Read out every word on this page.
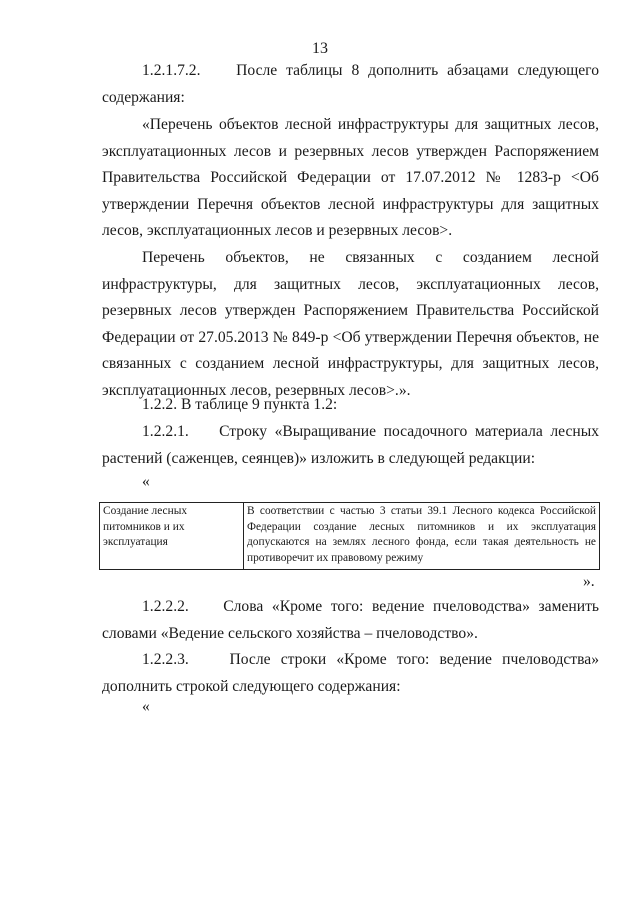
13
1.2.1.7.2.    После таблицы 8 дополнить абзацами следующего содержания:
«Перечень объектов лесной инфраструктуры для защитных лесов, эксплуатационных лесов и резервных лесов утвержден Распоряжением Правительства Российской Федерации от 17.07.2012 № 1283-р <Об утверждении Перечня объектов лесной инфраструктуры для защитных лесов, эксплуатационных лесов и резервных лесов>.
Перечень объектов, не связанных с созданием лесной инфраструктуры, для защитных лесов, эксплуатационных лесов, резервных лесов утвержден Распоряжением Правительства Российской Федерации от 27.05.2013 № 849-р <Об утверждении Перечня объектов, не связанных с созданием лесной инфраструктуры, для защитных лесов, эксплуатационных лесов, резервных лесов>.».
1.2.2. В таблице 9 пункта 1.2:
1.2.2.1.    Строку «Выращивание посадочного материала лесных растений (саженцев, сеянцев)» изложить в следующей редакции:
«
Создание лесных питомников и их эксплуатация	В соответствии с частью 3 статьи 39.1 Лесного кодекса Российской Федерации создание лесных питомников и их эксплуатация допускаются на землях лесного фонда, если такая деятельность не противоречит их правовому режиму
».
1.2.2.2.    Слова «Кроме того: ведение пчеловодства» заменить словами «Ведение сельского хозяйства – пчеловодство».
1.2.2.3.    После строки «Кроме того: ведение пчеловодства» дополнить строкой следующего содержания:
«
